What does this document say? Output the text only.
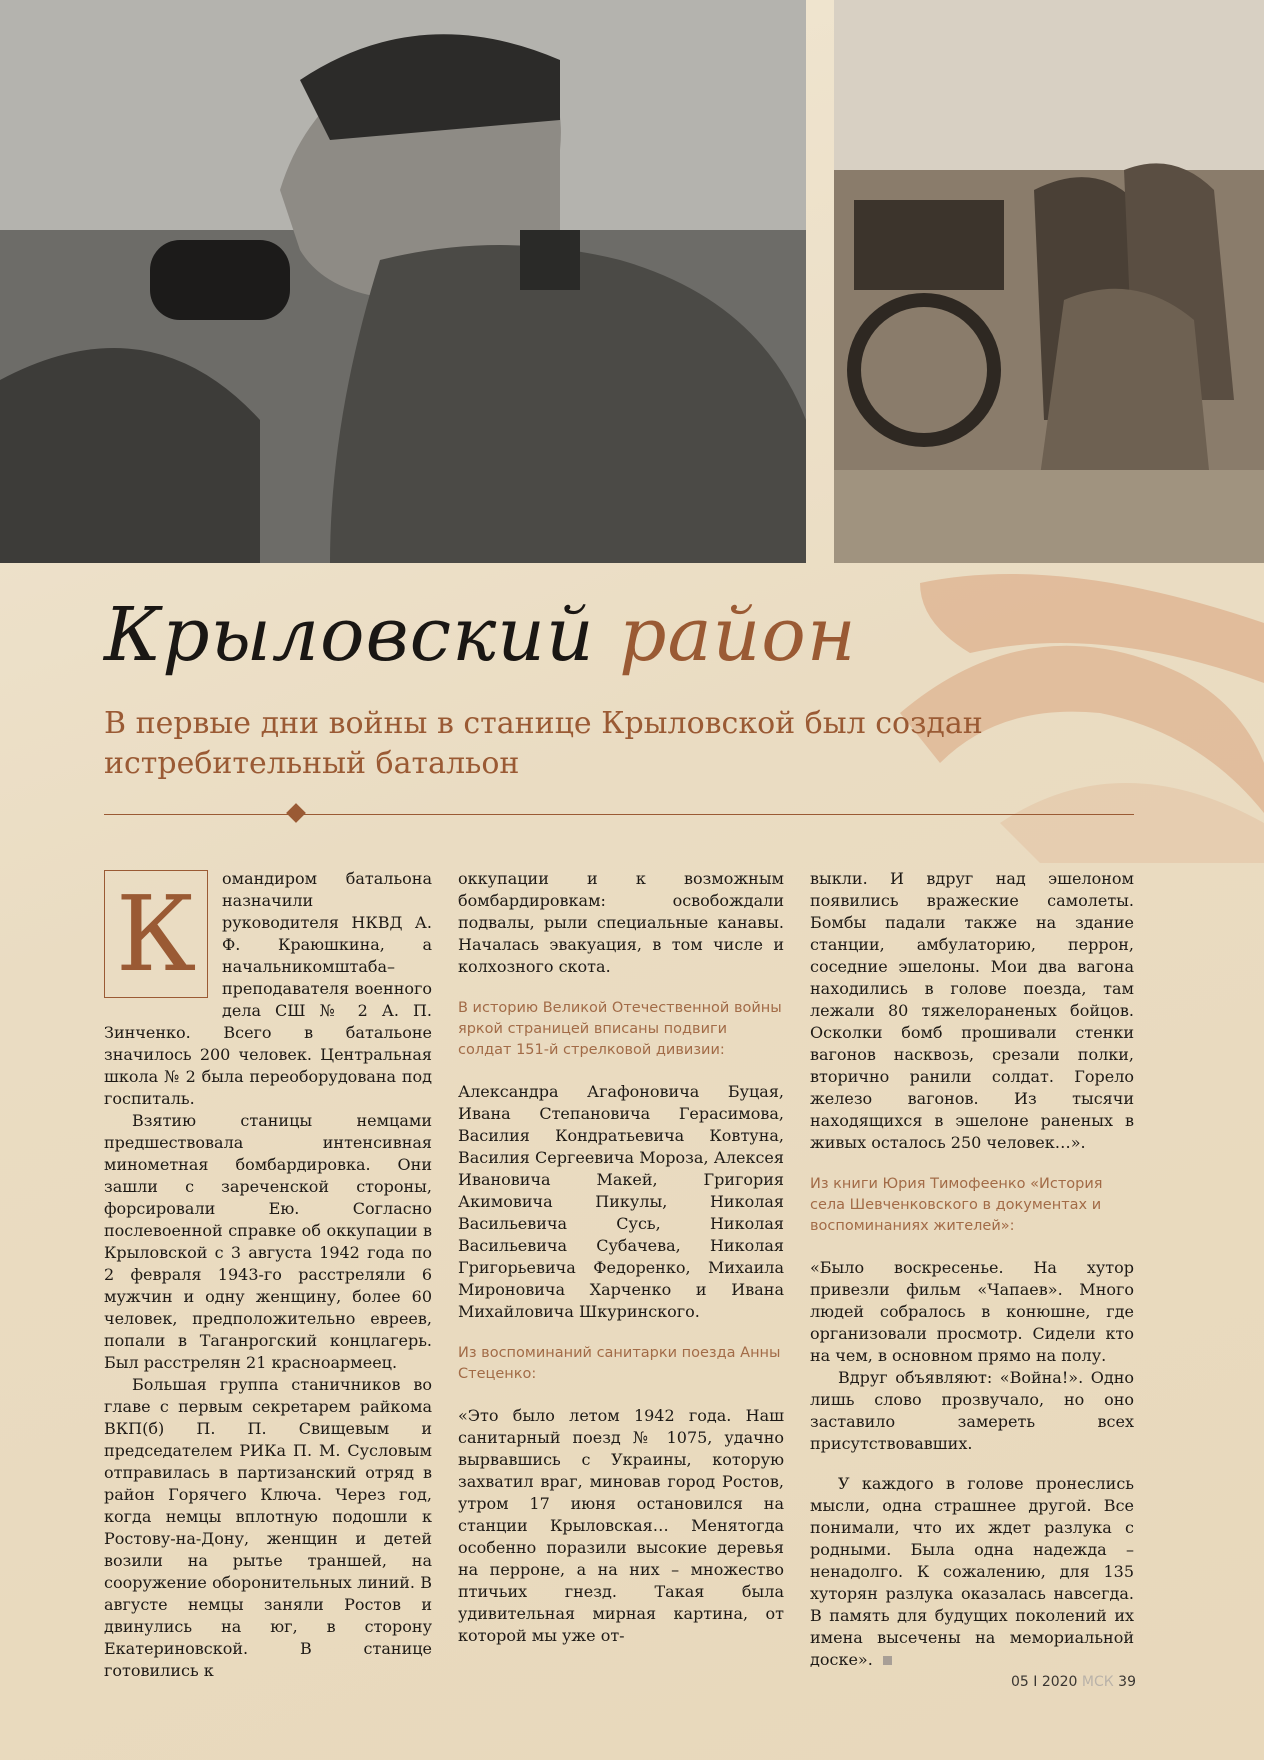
Крыловский район

В первые дни войны в станице Крыловской был создан истребительный батальон

К	омандиром батальона назначили руководителя НКВД А. Ф. Краюшкина, а начальникомштаба– преподавателя военного дела СШ № 2 А. П. Зинченко. Всего в батальоне значилось 200 человек. Центральная школа № 2 была переоборудована под госпиталь.

Взятию станицы немцами предшествовала интенсивная минометная бомбардировка. Они зашли с зареченской стороны, форсировали Ею. Согласно послевоенной справке об оккупации в Крыловской с 3 августа 1942 года по 2 февраля 1943-го расстреляли 6 мужчин и одну женщину, более 60 человек, предположительно евреев, попали в Таганрогский концлагерь. Был расстрелян 21 красноармеец.

Большая группа станичников во главе с первым секретарем райкома ВКП(б) П. П. Свищевым и председателем РИКа П. М. Сусловым отправилась в партизанский отряд в район Горячего Ключа. Через год, когда немцы вплотную подошли к Ростову-на-Дону, женщин и детей возили на рытье траншей, на сооружение оборонительных линий. В августе немцы заняли Ростов и двинулись на юг, в сторону Екатериновской. В станице готовились к

оккупации и к возможным бомбардировкам: освобождали подвалы, рыли специальные канавы. Началась эвакуация, в том числе и колхозного скота.

В историю Великой Отечественной войны яркой страницей вписаны подвиги солдат 151-й стрелковой дивизии:

Александра Агафоновича Буцая, Ивана Степановича Герасимова, Василия Кондратьевича Ковтуна, Василия Сергеевича Мороза, Алексея Ивановича Макей, Григория Акимовича Пикулы, Николая Васильевича Сусь, Николая Васильевича Субачева, Николая Григорьевича Федоренко, Михаила Мироновича Харченко и Ивана Михайловича Шкуринского.

Из воспоминаний санитарки поезда Анны Стеценко:

«Это было летом 1942 года. Наш санитарный поезд № 1075, удачно вырвавшись с Украины, которую захватил враг, миновав город Ростов, утром 17 июня остановился на станции Крыловская… Менятогда особенно поразили высокие деревья на перроне, а на них – множество птичьих гнезд. Такая была удивительная мирная картина, от которой мы уже от-

выкли. И вдруг над эшелоном появились вражеские самолеты. Бомбы падали также на здание станции, амбулаторию, перрон, соседние эшелоны. Мои два вагона находились в голове поезда, там лежали 80 тяжелораненых бойцов. Осколки бомб прошивали стенки вагонов насквозь, срезали полки, вторично ранили солдат. Горело железо вагонов. Из тысячи находящихся в эшелоне раненых в живых осталось 250 человек…».

Из книги Юрия Тимофеенко «История села Шевченковского в документах и воспоминаниях жителей»:

«Было воскресенье. На хутор привезли фильм «Чапаев». Много людей собралось в конюшне, где организовали просмотр. Сидели кто на чем, в основном прямо на полу.

Вдруг объявляют: «Война!». Одно лишь слово прозвучало, но оно заставило замереть всех присутствовавших.

У каждого в голове пронеслись мысли, одна страшнее другой. Все понимали, что их ждет разлука с родными. Была одна надежда – ненадолго. К сожалению, для 135 хуторян разлука оказалась навсегда. В память для будущих поколений их имена высечены на мемориальной доске».

05 I 2020 МСК 39
